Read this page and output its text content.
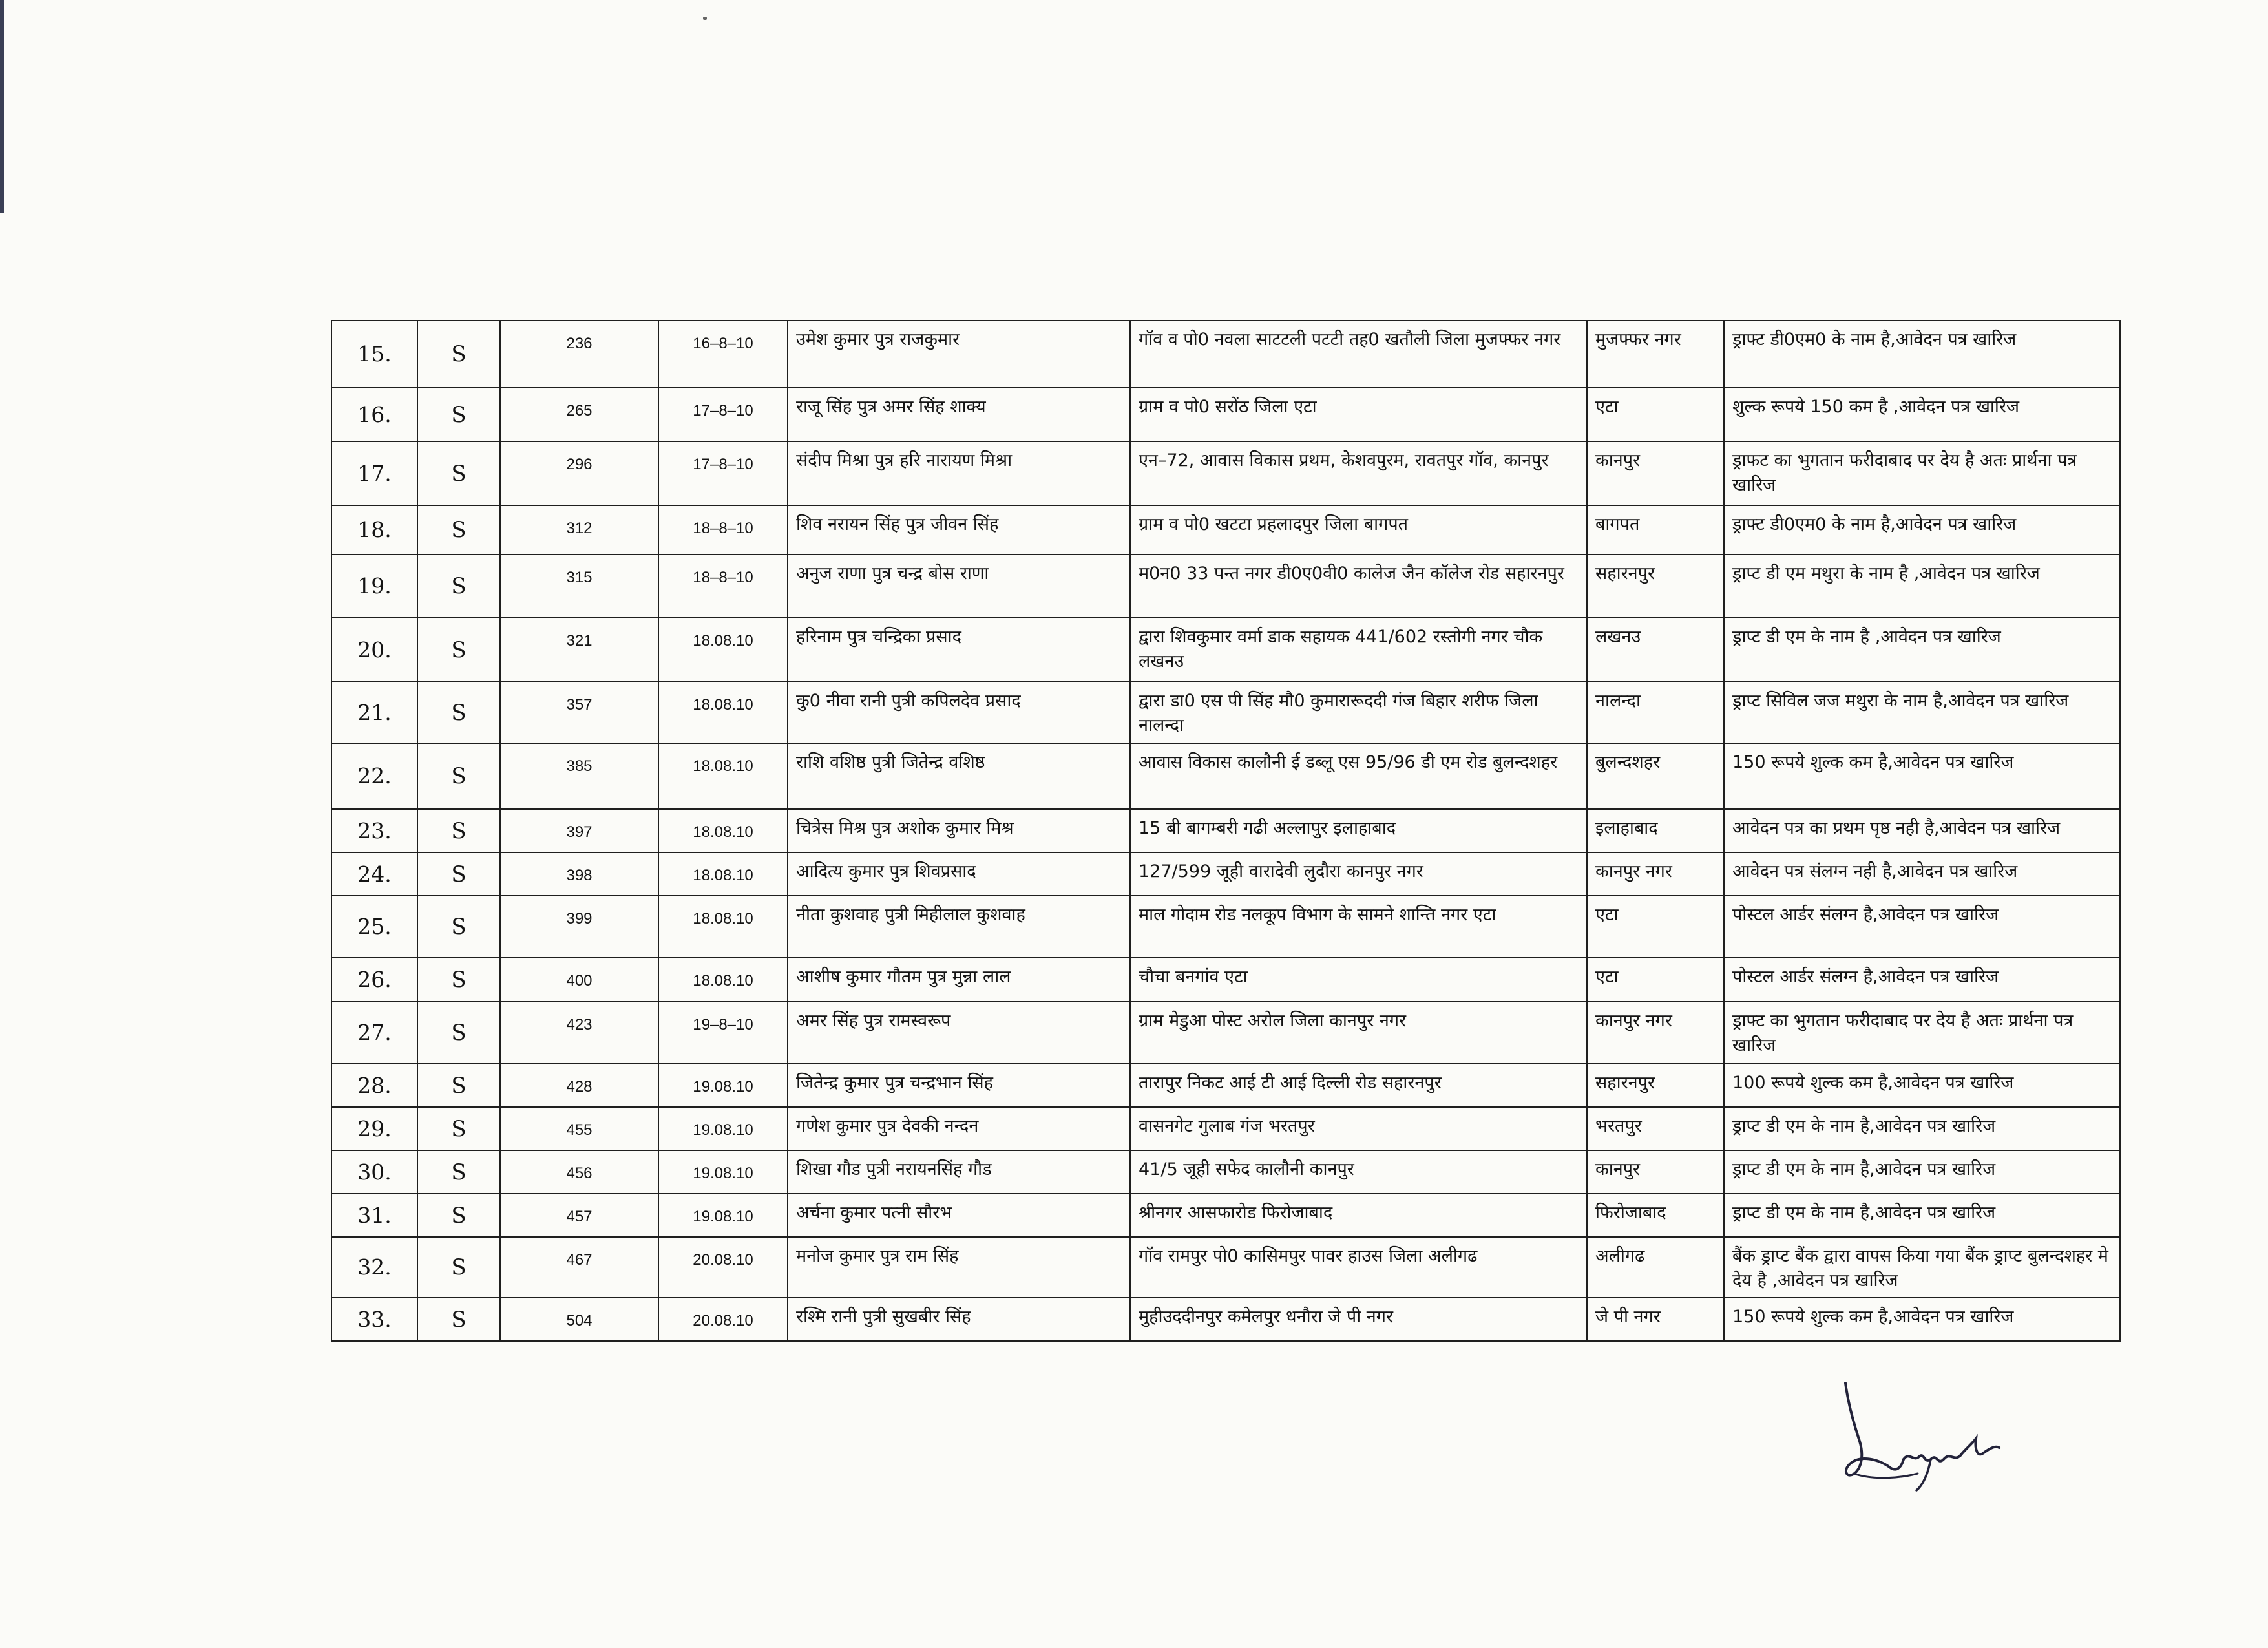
15.	S	236	16–8–10	उमेश कुमार पुत्र राजकुमार	गॉव व पो0 नवला साटटली पटटी तह0 खतौली जिला मुजफ्फर नगर	मुजफ्फर नगर	ड्राफ्ट डी0एम0 के नाम है,आवेदन पत्र खारिज
16.	S	265	17–8–10	राजू सिंह पुत्र अमर सिंह शाक्य	ग्राम व पो0 सरोंठ जिला एटा	एटा	शुल्क रूपये 150 कम है ,आवेदन पत्र खारिज
17.	S	296	17–8–10	संदीप मिश्रा पुत्र हरि नारायण मिश्रा	एन–72, आवास विकास प्रथम, केशवपुरम, रावतपुर गॉव, कानपुर	कानपुर	ड्राफट का भुगतान फरीदाबाद पर देय है अतः प्रार्थना पत्र खारिज
18.	S	312	18–8–10	शिव नरायन सिंह पुत्र जीवन सिंह	ग्राम व पो0 खटटा प्रहलादपुर जिला बागपत	बागपत	ड्राफ्ट डी0एम0 के नाम है,आवेदन पत्र खारिज
19.	S	315	18–8–10	अनुज राणा पुत्र चन्द्र बोस राणा	म0न0 33 पन्त नगर डी0ए0वी0 कालेज जैन कॉलेज रोड सहारनपुर	सहारनपुर	ड्राप्ट डी एम मथुरा के नाम है ,आवेदन पत्र खारिज
20.	S	321	18.08.10	हरिनाम पुत्र चन्द्रिका प्रसाद	द्वारा शिवकुमार वर्मा डाक सहायक 441/602 रस्तोगी नगर चौक लखनउ	लखनउ	ड्राप्ट डी एम के नाम है ,आवेदन पत्र खारिज
21.	S	357	18.08.10	कु0 नीवा रानी पुत्री कपिलदेव प्रसाद	द्वारा डा0 एस पी सिंह मौ0 कुमारारूददी गंज बिहार शरीफ जिला नालन्दा	नालन्दा	ड्राप्ट सिविल जज मथुरा के नाम है,आवेदन पत्र खारिज
22.	S	385	18.08.10	राशि वशिष्ठ पुत्री जितेन्द्र वशिष्ठ	आवास विकास कालौनी ई डब्लू एस 95/96 डी एम रोड बुलन्दशहर	बुलन्दशहर	150 रूपये शुल्क कम है,आवेदन पत्र खारिज
23.	S	397	18.08.10	चित्रेस मिश्र पुत्र अशोक कुमार मिश्र	15 बी बागम्बरी गढी अल्लापुर इलाहाबाद	इलाहाबाद	आवेदन पत्र का प्रथम पृष्ठ नही है,आवेदन पत्र खारिज
24.	S	398	18.08.10	आदित्य कुमार पुत्र शिवप्रसाद	127/599 जूही वारादेवी लुदौरा कानपुर नगर	कानपुर नगर	आवेदन पत्र संलग्न नही है,आवेदन पत्र खारिज
25.	S	399	18.08.10	नीता कुशवाह पुत्री मिहीलाल कुशवाह	माल गोदाम रोड नलकूप विभाग के सामने शान्ति नगर एटा	एटा	पोस्टल आर्डर संलग्न है,आवेदन पत्र खारिज
26.	S	400	18.08.10	आशीष कुमार गौतम पुत्र मुन्ना लाल	चौचा बनगांव एटा	एटा	पोस्टल आर्डर संलग्न है,आवेदन पत्र खारिज
27.	S	423	19–8–10	अमर सिंह पुत्र रामस्वरूप	ग्राम मेडुआ पोस्ट अरोल जिला कानपुर नगर	कानपुर नगर	ड्राफ्ट का भुगतान फरीदाबाद पर देय है अतः प्रार्थना पत्र खारिज
28.	S	428	19.08.10	जितेन्द्र कुमार पुत्र चन्द्रभान सिंह	तारापुर निकट आई टी आई दिल्ली रोड सहारनपुर	सहारनपुर	100 रूपये शुल्क कम है,आवेदन पत्र खारिज
29.	S	455	19.08.10	गणेश कुमार पुत्र देवकी नन्दन	वासनगेट गुलाब गंज भरतपुर	भरतपुर	ड्राप्ट डी एम के नाम है,आवेदन पत्र खारिज
30.	S	456	19.08.10	शिखा गौड पुत्री नरायनसिंह गौड	41/5 जूही सफेद कालौनी कानपुर	कानपुर	ड्राप्ट डी एम के नाम है,आवेदन पत्र खारिज
31.	S	457	19.08.10	अर्चना कुमार पत्नी सौरभ	श्रीनगर आसफारोड फिरोजाबाद	फिरोजाबाद	ड्राप्ट डी एम के नाम है,आवेदन पत्र खारिज
32.	S	467	20.08.10	मनोज कुमार पुत्र राम सिंह	गॉव रामपुर पो0 कासिमपुर पावर हाउस जिला अलीगढ	अलीगढ	बैंक ड्राप्ट बैंक द्वारा वापस किया गया बैंक ड्राप्ट बुलन्दशहर मे देय है ,आवेदन पत्र खारिज
33.	S	504	20.08.10	रश्मि रानी पुत्री सुखबीर सिंह	मुहीउददीनपुर कमेलपुर धनौरा जे पी नगर	जे पी नगर	150 रूपये शुल्क कम है,आवेदन पत्र खारिज
